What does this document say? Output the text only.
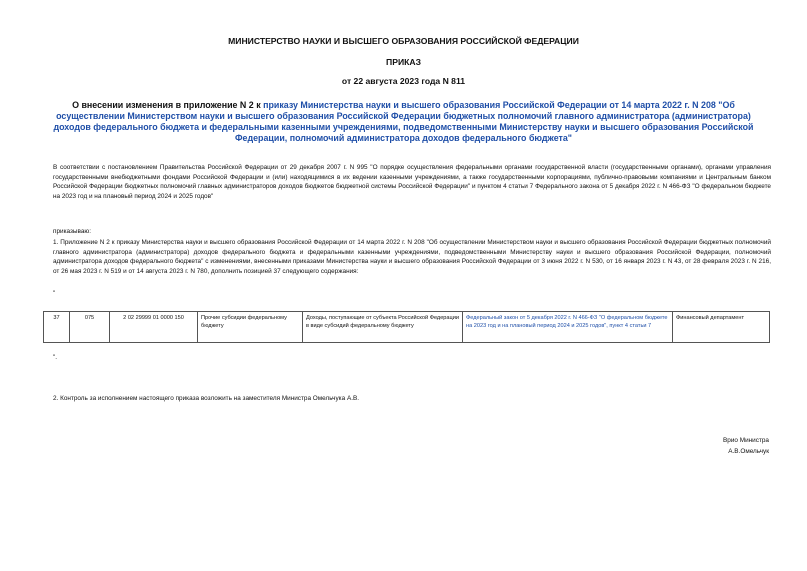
МИНИСТЕРСТВО НАУКИ И ВЫСШЕГО ОБРАЗОВАНИЯ РОССИЙСКОЙ ФЕДЕРАЦИИ
ПРИКАЗ
от 22 августа 2023 года N 811
О внесении изменения в приложение N 2 к приказу Министерства науки и высшего образования Российской Федерации от 14 марта 2022 г. N 208 "Об осуществлении Министерством науки и высшего образования Российской Федерации бюджетных полномочий главного администратора (администратора) доходов федерального бюджета и федеральными казенными учреждениями, подведомственными Министерству науки и высшего образования Российской Федерации, полномочий администратора доходов федерального бюджета"
В соответствии с постановлением Правительства Российской Федерации от 29 декабря 2007 г. N 995 "О порядке осуществления федеральными органами государственной власти (государственными органами), органами управления государственными внебюджетными фондами Российской Федерации и (или) находящимися в их ведении казенными учреждениями, а также государственными корпорациями, публично-правовыми компаниями и Центральным банком Российской Федерации бюджетных полномочий главных администраторов доходов бюджетов бюджетной системы Российской Федерации" и пунктом 4 статьи 7 Федерального закона от 5 декабря 2022 г. N 466-ФЗ "О федеральном бюджете на 2023 год и на плановый период 2024 и 2025 годов"
приказываю:
1. Приложение N 2 к приказу Министерства науки и высшего образования Российской Федерации от 14 марта 2022 г. N 208 "Об осуществлении Министерством науки и высшего образования Российской Федерации бюджетных полномочий главного администратора (администратора) доходов федерального бюджета и федеральными казенными учреждениями, подведомственными Министерству науки и высшего образования Российской Федерации, полномочий администратора доходов федерального бюджета" с изменениями, внесенными приказами Министерства науки и высшего образования Российской Федерации от 3 июня 2022 г. N 530, от 16 января 2023 г. N 43, от 28 февраля 2023 г. N 216, от 26 мая 2023 г. N 519 и от 14 августа 2023 г. N 780, дополнить позицией 37 следующего содержания:
"
37	075	2 02 29999 01 0000 150	Прочие субсидии федеральному бюджету	Доходы, поступающие от субъекта Российской Федерации в виде субсидий федеральному бюджету	Федеральный закон от 5 декабря 2022 г. N 466-ФЗ "О федеральном бюджете на 2023 год и на плановый период 2024 и 2025 годов", пункт 4 статьи 7	Финансовый департамент
".
2. Контроль за исполнением настоящего приказа возложить на заместителя Министра Омельчука А.В.
Врио Министра
А.В.Омельчук
